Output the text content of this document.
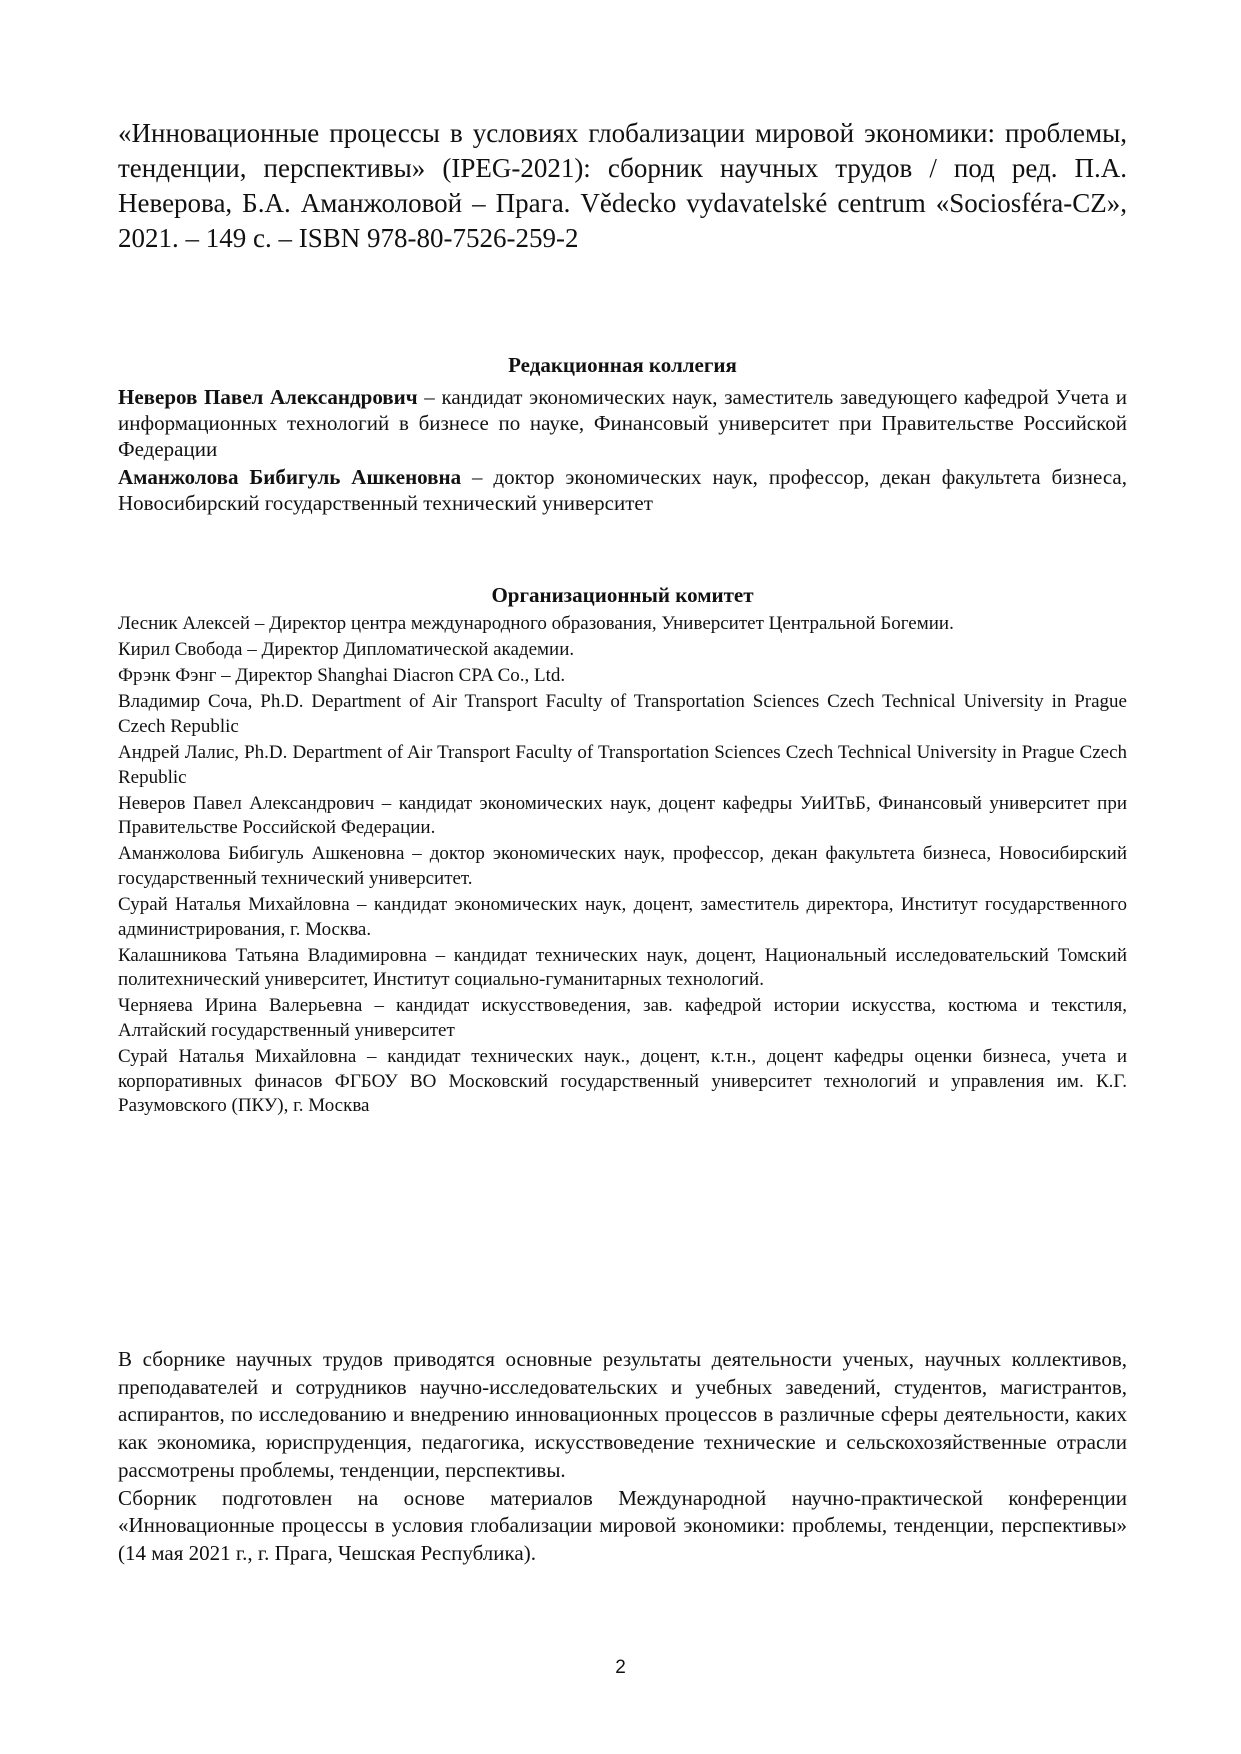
«Инновационные процессы в условиях глобализации мировой экономики: проблемы, тенденции, перспективы» (IPEG-2021): сборник научных трудов / под ред. П.А. Неверова, Б.А. Аманжоловой – Прага. Vědecko vydavatelské centrum «Sociosféra-CZ», 2021. – 149 с. – ISBN 978-80-7526-259-2
Редакционная коллегия

Неверов Павел Александрович – кандидат экономических наук, заместитель заведующего кафедрой Учета и информационных технологий в бизнесе по науке, Финансовый университет при Правительстве Российской Федерации

Аманжолова Бибигуль Ашкеновна – доктор экономических наук, профессор, декан факультета бизнеса, Новосибирский государственный технический университет

Организационный комитет

Лесник Алексей – Директор центра международного образования, Университет Центральной Богемии.

Кирил Свобода – Директор Дипломатической академии.

Фрэнк Фэнг – Директор Shanghai Diacron CPA Co., Ltd.

Владимир Соча, Ph.D. Department of Air Transport Faculty of Transportation Sciences Czech Technical University in Prague Czech Republic

Андрей Лалис, Ph.D. Department of Air Transport Faculty of Transportation Sciences Czech Technical University in Prague Czech Republic

Неверов Павел Александрович – кандидат экономических наук, доцент кафедры УиИТвБ, Финансовый университет при Правительстве Российской Федерации.

Аманжолова Бибигуль Ашкеновна – доктор экономических наук, профессор, декан факультета бизнеса, Новосибирский государственный технический университет.

Сурай Наталья Михайловна – кандидат экономических наук, доцент, заместитель директора, Институт государственного администрирования, г. Москва.

Калашникова Татьяна Владимировна – кандидат технических наук, доцент, Национальный исследовательский Томский политехнический университет, Институт социально-гуманитарных технологий.

Черняева Ирина Валерьевна – кандидат искусствоведения, зав. кафедрой истории искусства, костюма и текстиля, Алтайский государственный университет

Сурай Наталья Михайловна – кандидат технических наук., доцент, к.т.н., доцент кафедры оценки бизнеса, учета и корпоративных финасов ФГБОУ ВО Московский государственный университет технологий и управления им. К.Г. Разумовского (ПКУ), г. Москва

В сборнике научных трудов приводятся основные результаты деятельности ученых, научных коллективов, преподавателей и сотрудников научно-исследовательских и учебных заведений, студентов, магистрантов, аспирантов, по исследованию и внедрению инновационных процессов в различные сферы деятельности, каких как экономика, юриспруденция, педагогика, искусствоведение технические и сельскохозяйственные отрасли рассмотрены проблемы, тенденции, перспективы.

Сборник подготовлен на основе материалов Международной научно-практической конференции «Инновационные процессы в условия глобализации мировой экономики: проблемы, тенденции, перспективы» (14 мая 2021 г., г. Прага, Чешская Республика).

2
